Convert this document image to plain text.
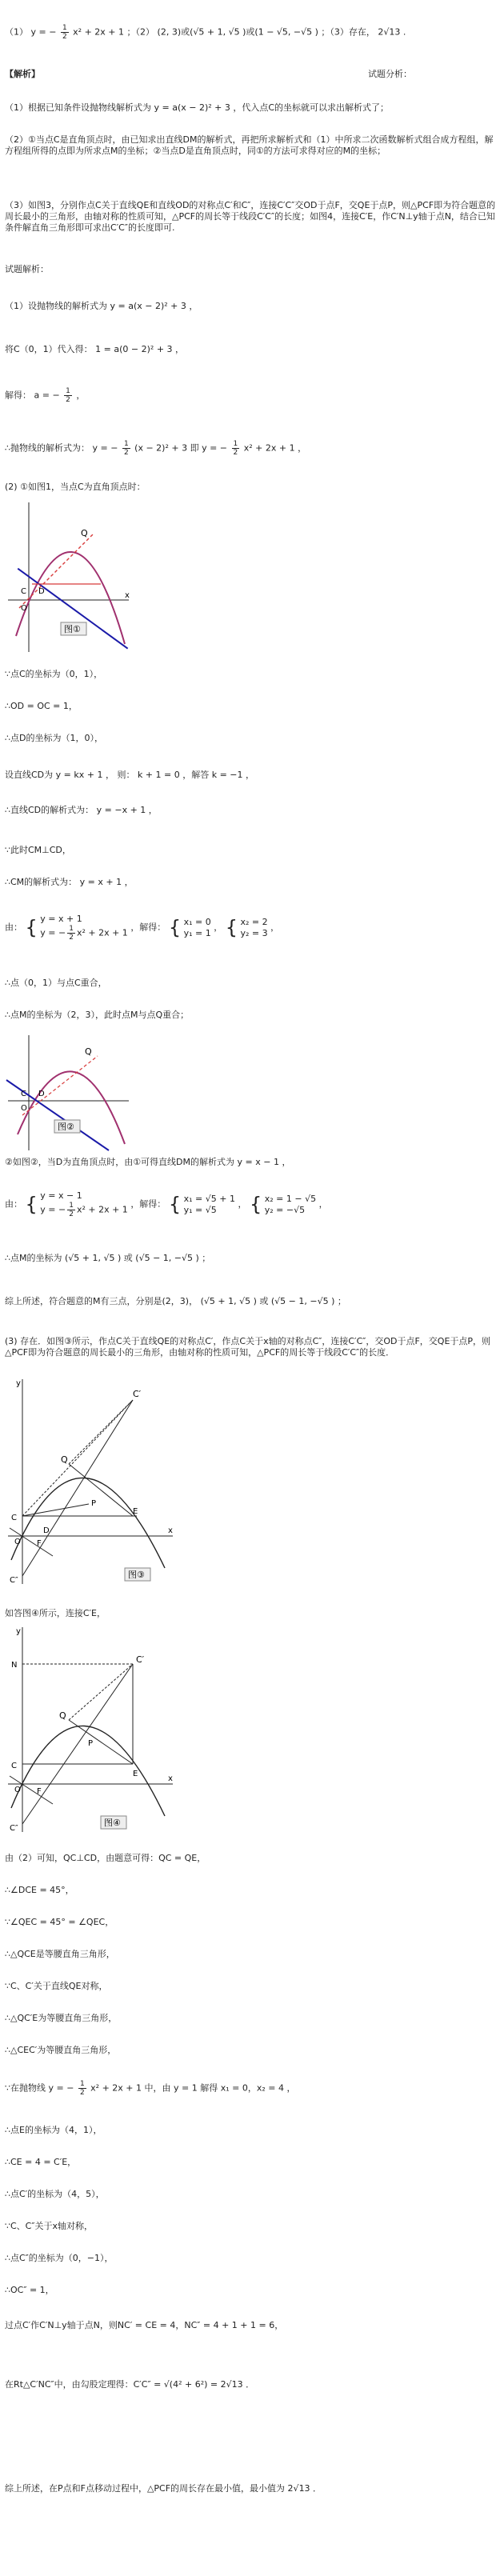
（1） y = − $\frac{1}{2} x^2 + 2x + 1$ ；（2） (2, 3)或(√5 + 1, √5 )或(1 − √5, −√5 ) ；（3）存在， 2√13 .
【解析】	试题分析：
（1）根据已知条件设抛物线解析式为 y = a(x − 2)² + 3 ，代入点C的坐标就可以求出解析式了；
（2）①当点C是直角顶点时，由已知求出直线DM的解析式，再把所求解析式和（1）中所求二次函数解析式组合成方程组，解方程组所得的点即为所求点M的坐标；②当点D是直角顶点时，同①的方法可求得对应的M的坐标；
（3）如图3，分别作点C关于直线QE和直线OD的对称点C′和C″，连接C′C″交OD于点F，交QE于点P，则△PCF即为符合题意的周长最小的三角形，由轴对称的性质可知，△PCF的周长等于线段C′C″的长度；如图4，连接C′E，作C′N⊥y轴于点N，结合已知条件解直角三角形即可求出C′C″的长度即可.
试题解析：
（1）设抛物线的解析式为 y = a(x − 2)² + 3 ，
将C（0，1）代入得： 1 = a(0 − 2)² + 3 ，
解得： a = − $\frac{1}{2}$ ，
∴抛物线的解析式为： y = − $\frac{1}{2} (x - 2)^2 + 3$ 即 y = − $\frac{1}{2} x^2 + 2x + 1$ ，
(2) ①如图1，当点C为直角顶点时：
Q
C D
O
x
图①
∵点C的坐标为（0，1），
∴OD = OC = 1，
∴点D的坐标为（1，0），
设直线CD为 y = kx + 1 ， 则： k + 1 = 0 ，解答 k = −1 ，
∴直线CD的解析式为： y = −x + 1 ，
∵此时CM⊥CD，
∴CM的解析式为： y = x + 1 ，
由： { y = x + 1
y = − $\frac{1}{2} x^2 + 2x + 1$
，解得： { x₁ = 0
y₁ = 1
， { x₂ = 2
y₂ = 3
，
∴点（0，1）与点C重合，
∴点M的坐标为（2，3），此时点M与点Q重合；
Q
C D
O
图②
②如图②，当D为直角顶点时，由①可得直线DM的解析式为 y = x − 1 ，
由： { y = x − 1
y = − $\frac{1}{2} x^2 + 2x + 1$
，解得： { x₁ = √5 + 1
y₁ = √5
， { x₂ = 1 − √5
y₂ = −√5
，
∴点M的坐标为 (√5 + 1, √5 ) 或 (√5 − 1, −√5 ) ；
综上所述，符合题意的M有三点，分别是(2，3)， (√5 + 1, √5 ) 或 (√5 − 1, −√5 ) ；
(3) 存在．如图③所示，作点C关于直线QE的对称点C′，作点C关于x轴的对称点C″，连接C′C″，交OD于点F，交QE于点P，则△PCF即为符合题意的周长最小的三角形，由轴对称的性质可知，△PCF的周长等于线段C′C″的长度．
y
x
C′
Q
P
C
E
D
F
O
C″
图③
如答图④所示，连接C′E，
y
x
N
C′
Q
P
C
E
F
O
C″
图④
由（2）可知，QC⊥CD，由题意可得：QC = QE，
∴∠DCE = 45°，
∵∠QEC = 45° = ∠QEC，
∴△QCE是等腰直角三角形，
∵C、C′关于直线QE对称，
∴△QC′E为等腰直角三角形，
∴△CEC′为等腰直角三角形，
∵在抛物线 y = − $\frac{1}{2} x^2 + 2x + 1$ 中，由 y = 1 解得 x₁ = 0，x₂ = 4 ，
∴点E的坐标为（4，1），
∴CE = 4 = C′E，
∴点C′的坐标为（4，5），
∵C、C″关于x轴对称，
∴点C″的坐标为（0，−1），
∴OC″ = 1，
过点C′作C′N⊥y轴于点N，则NC′ = CE = 4，NC″ = 4 + 1 + 1 = 6，
在Rt△C′NC″中，由勾股定理得：C′C″ = √(4² + 6²) = 2√13 ．
综上所述，在P点和F点移动过程中，△PCF的周长存在最小值，最小值为 2√13 ．
